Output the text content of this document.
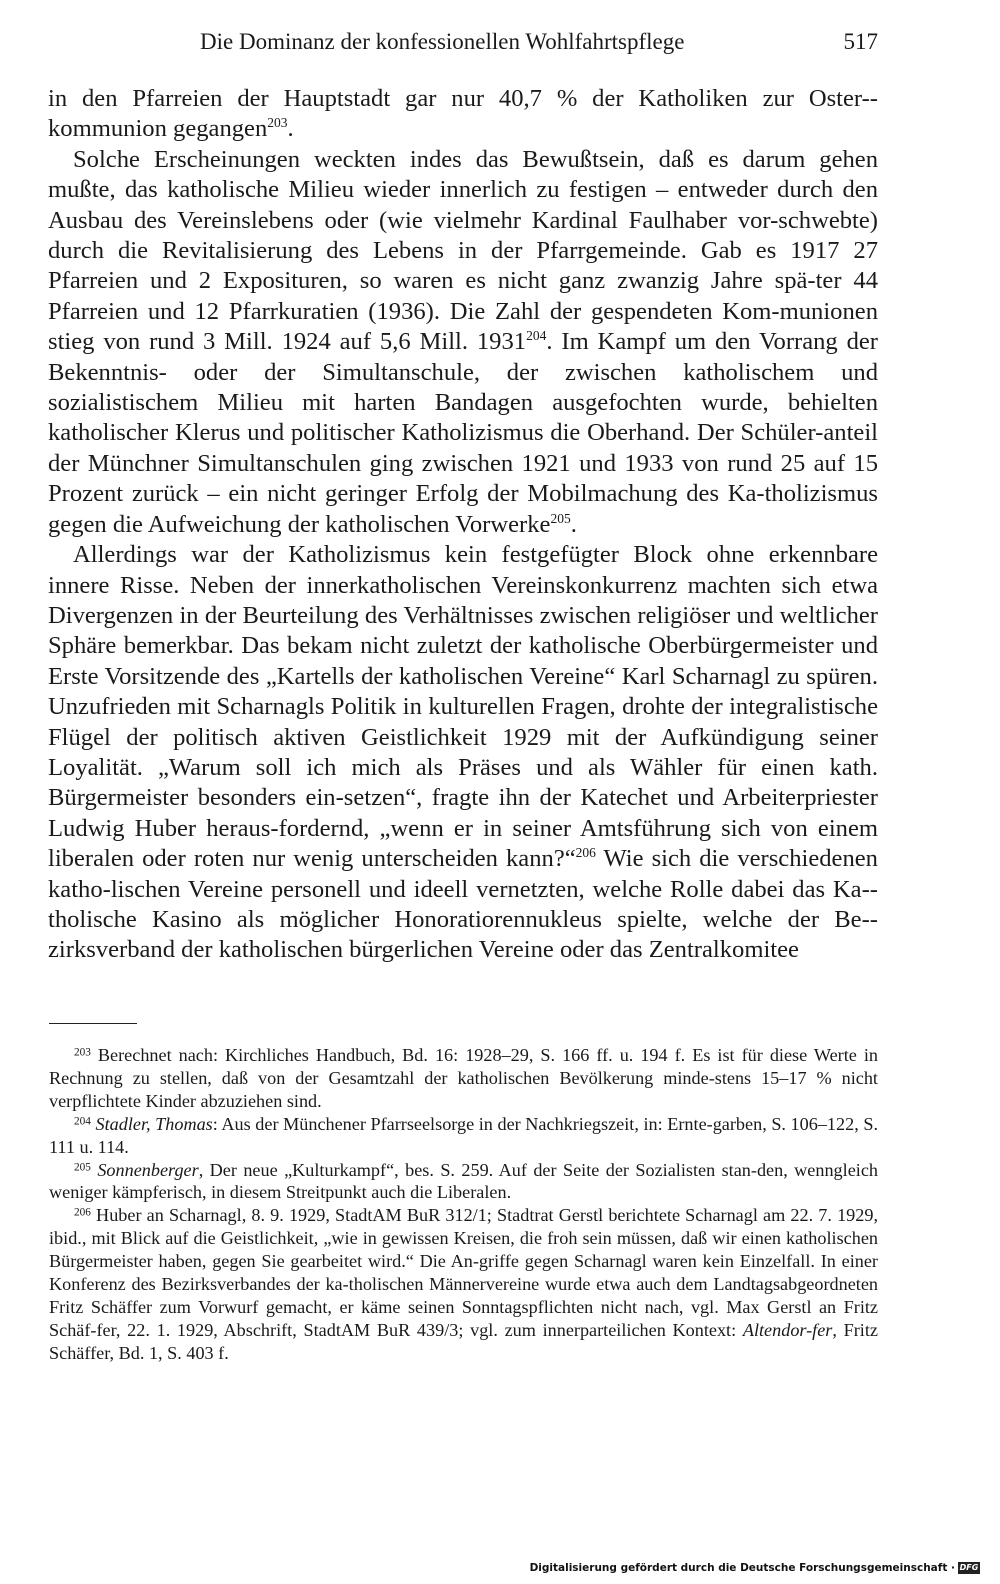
Die Dominanz der konfessionellen Wohlfahrtspflege	517

in den Pfarreien der Hauptstadt gar nur 40,7 % der Katholiken zur Oster-kommunion gegangen$^{203}$.

Solche Erscheinungen weckten indes das Bewußtsein, daß es darum gehen mußte, das katholische Milieu wieder innerlich zu festigen – entweder durch den Ausbau des Vereinslebens oder (wie vielmehr Kardinal Faulhaber vor-schwebte) durch die Revitalisierung des Lebens in der Pfarrgemeinde. Gab es 1917 27 Pfarreien und 2 Exposituren, so waren es nicht ganz zwanzig Jahre spä-ter 44 Pfarreien und 12 Pfarrkuratien (1936). Die Zahl der gespendeten Kom-munionen stieg von rund 3 Mill. 1924 auf 5,6 Mill. 1931$^{204}$. Im Kampf um den Vorrang der Bekenntnis- oder der Simultanschule, der zwischen katholischem und sozialistischem Milieu mit harten Bandagen ausgefochten wurde, behielten katholischer Klerus und politischer Katholizismus die Oberhand. Der Schüler-anteil der Münchner Simultanschulen ging zwischen 1921 und 1933 von rund 25 auf 15 Prozent zurück – ein nicht geringer Erfolg der Mobilmachung des Ka-tholizismus gegen die Aufweichung der katholischen Vorwerke$^{205}$.

Allerdings war der Katholizismus kein festgefügter Block ohne erkennbare innere Risse. Neben der innerkatholischen Vereinskonkurrenz machten sich etwa Divergenzen in der Beurteilung des Verhältnisses zwischen religiöser und weltlicher Sphäre bemerkbar. Das bekam nicht zuletzt der katholische Oberbürgermeister und Erste Vorsitzende des „Kartells der katholischen Vereine“ Karl Scharnagl zu spüren. Unzufrieden mit Scharnagls Politik in kulturellen Fragen, drohte der integralistische Flügel der politisch aktiven Geistlichkeit 1929 mit der Aufkündigung seiner Loyalität. „Warum soll ich mich als Präses und als Wähler für einen kath. Bürgermeister besonders ein-setzen“, fragte ihn der Katechet und Arbeiterpriester Ludwig Huber heraus-fordernd, „wenn er in seiner Amtsführung sich von einem liberalen oder roten nur wenig unterscheiden kann?“$^{206}$ Wie sich die verschiedenen katho-lischen Vereine personell und ideell vernetzten, welche Rolle dabei das Ka-tholische Kasino als möglicher Honoratiorennukleus spielte, welche der Be-zirksverband der katholischen bürgerlichen Vereine oder das Zentralkomitee

$^{203}$ Berechnet nach: Kirchliches Handbuch, Bd. 16: 1928–29, S. 166 ff. u. 194 f. Es ist für diese Werte in Rechnung zu stellen, daß von der Gesamtzahl der katholischen Bevölkerung minde-stens 15–17 % nicht verpflichtete Kinder abzuziehen sind.

$^{204}$ Stadler, Thomas: Aus der Münchener Pfarrseelsorge in der Nachkriegszeit, in: Ernte-garben, S. 106–122, S. 111 u. 114.

$^{205}$ Sonnenberger, Der neue „Kulturkampf“, bes. S. 259. Auf der Seite der Sozialisten stan-den, wenngleich weniger kämpferisch, in diesem Streitpunkt auch die Liberalen.

$^{206}$ Huber an Scharnagl, 8. 9. 1929, StadtAM BuR 312/1; Stadtrat Gerstl berichtete Scharnagl am 22. 7. 1929, ibid., mit Blick auf die Geistlichkeit, „wie in gewissen Kreisen, die froh sein müssen, daß wir einen katholischen Bürgermeister haben, gegen Sie gearbeitet wird.“ Die An-griffe gegen Scharnagl waren kein Einzelfall. In einer Konferenz des Bezirksverbandes der ka-tholischen Männervereine wurde etwa auch dem Landtagsabgeordneten Fritz Schäffer zum Vorwurf gemacht, er käme seinen Sonntagspflichten nicht nach, vgl. Max Gerstl an Fritz Schäf-fer, 22. 1. 1929, Abschrift, StadtAM BuR 439/3; vgl. zum innerparteilichen Kontext: Altendor-fer, Fritz Schäffer, Bd. 1, S. 403 f.

Digitalisierung gefördert durch die Deutsche Forschungsgemeinschaft · DFG
